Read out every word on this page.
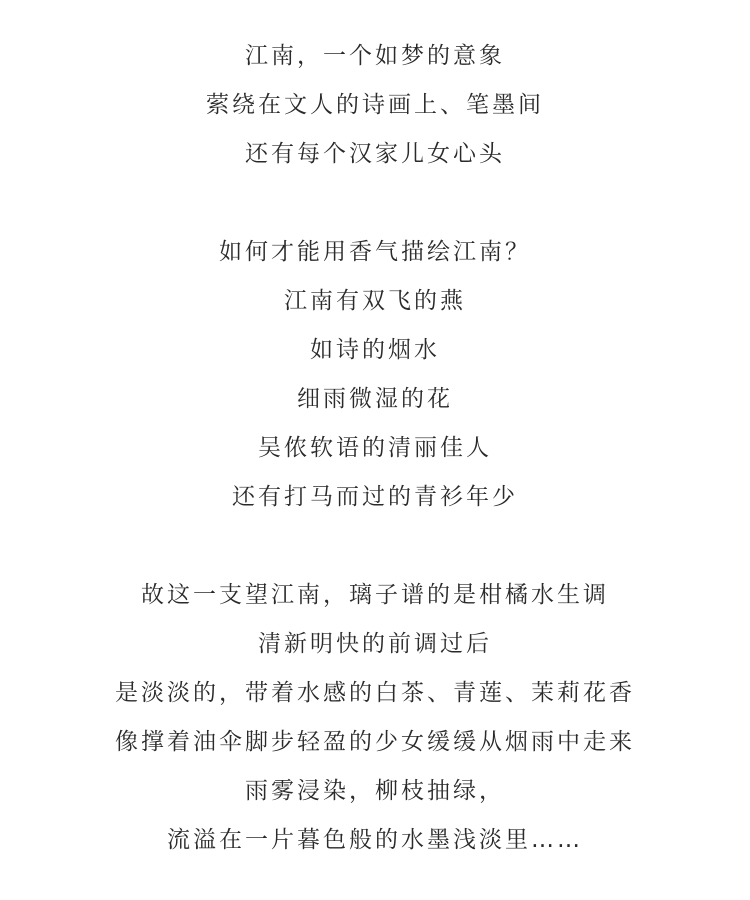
江南，一个如梦的意象
萦绕在文人的诗画上、笔墨间
还有每个汉家儿女心头
如何才能用香气描绘江南？
江南有双飞的燕
如诗的烟水
细雨微湿的花
吴侬软语的清丽佳人
还有打马而过的青衫年少
故这一支望江南，璃子谱的是柑橘水生调
清新明快的前调过后
是淡淡的，带着水感的白茶、青莲、茉莉花香
像撑着油伞脚步轻盈的少女缓缓从烟雨中走来
雨雾浸染，柳枝抽绿，
流溢在一片暮色般的水墨浅淡里……
